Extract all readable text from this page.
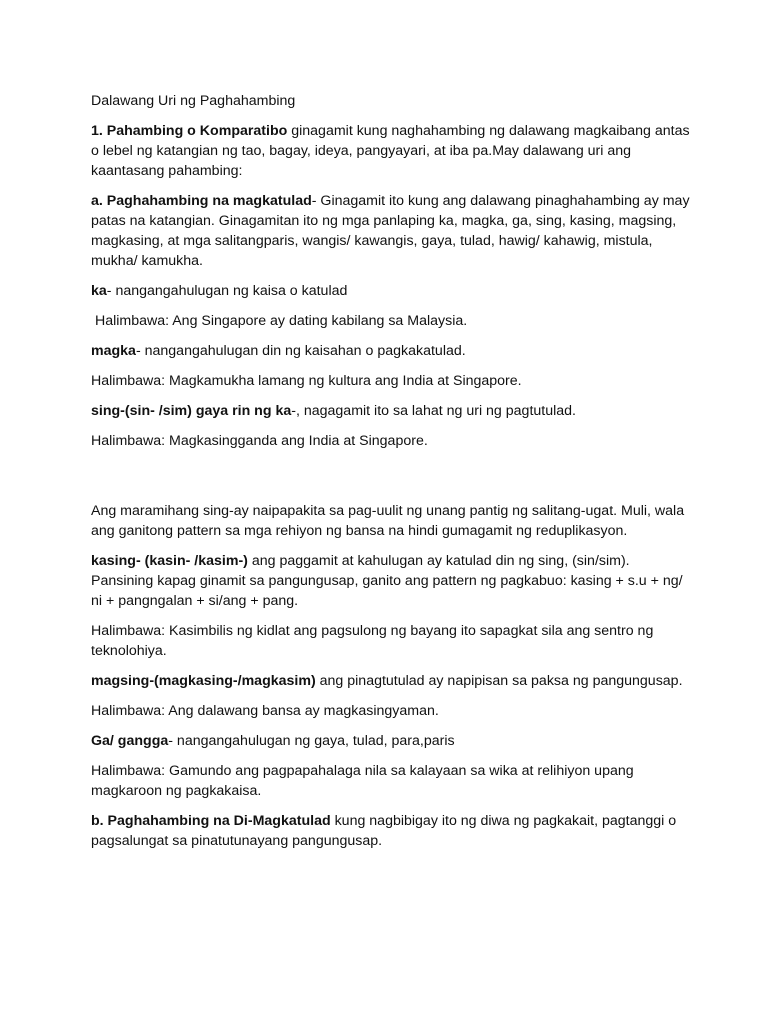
Dalawang Uri ng Paghahambing

1. Pahambing o Komparatibo ginagamit kung naghahambing ng dalawang magkaibang antas o lebel ng katangian ng tao, bagay, ideya, pangyayari, at iba pa.May dalawang uri ang kaantasang pahambing:

a. Paghahambing na magkatulad- Ginagamit ito kung ang dalawang pinaghahambing ay may patas na katangian. Ginagamitan ito ng mga panlaping ka, magka, ga, sing, kasing, magsing, magkasing, at mga salitangparis, wangis/ kawangis, gaya, tulad, hawig/ kahawig, mistula, mukha/ kamukha.

ka- nangangahulugan ng kaisa o katulad

Halimbawa: Ang Singapore ay dating kabilang sa Malaysia.

magka- nangangahulugan din ng kaisahan o pagkakatulad.

Halimbawa: Magkamukha lamang ng kultura ang India at Singapore.

sing-(sin- /sim) gaya rin ng ka-, nagagamit ito sa lahat ng uri ng pagtutulad.

Halimbawa: Magkasingganda ang India at Singapore.

Ang maramihang sing-ay naipapakita sa pag-uulit ng unang pantig ng salitang-ugat. Muli, wala ang ganitong pattern sa mga rehiyon ng bansa na hindi gumagamit ng reduplikasyon.

kasing- (kasin- /kasim-) ang paggamit at kahulugan ay katulad din ng sing, (sin/sim). Pansining kapag ginamit sa pangungusap, ganito ang pattern ng pagkabuo: kasing + s.u + ng/ ni + pangngalan + si/ang + pang.

Halimbawa: Kasimbilis ng kidlat ang pagsulong ng bayang ito sapagkat sila ang sentro ng teknolohiya.

magsing-(magkasing-/magkasim) ang pinagtutulad ay napipisan sa paksa ng pangungusap.

Halimbawa: Ang dalawang bansa ay magkasingyaman.

Ga/ gangga- nangangahulugan ng gaya, tulad, para,paris

Halimbawa: Gamundo ang pagpapahalaga nila sa kalayaan sa wika at relihiyon upang magkaroon ng pagkakaisa.

b. Paghahambing na Di-Magkatulad kung nagbibigay ito ng diwa ng pagkakait, pagtanggi o pagsalungat sa pinatutunayang pangungusap.
